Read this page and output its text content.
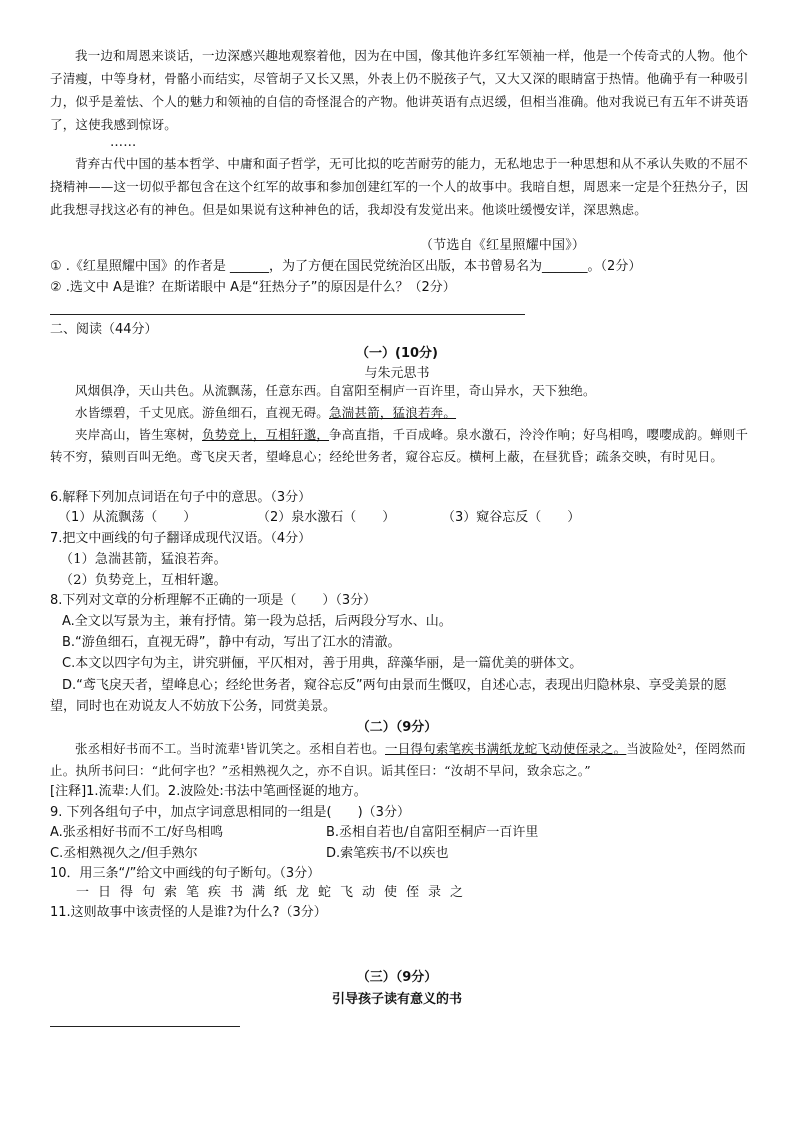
我一边和周恩来谈话，一边深感兴趣地观察着他，因为在中国，像其他许多红军领袖一样，他是一个传奇式的人物。他个子清瘦，中等身材，骨骼小而结实，尽管胡子又长又黑，外表上仍不脱孩子气，又大又深的眼睛富于热情。他确乎有一种吸引力，似乎是羞怯、个人的魅力和领袖的自信的奇怪混合的产物。他讲英语有点迟缓，但相当准确。他对我说已有五年不讲英语了，这使我感到惊讶。
……
背弃古代中国的基本哲学、中庸和面子哲学，无可比拟的吃苦耐劳的能力，无私地忠于一种思想和从不承认失败的不屈不挠精神——这一切似乎都包含在这个红军的故事和参加创建红军的一个人的故事中。我暗自想，周恩来一定是个狂热分子，因此我想寻找这必有的神色。但是如果说有这种神色的话，我却没有发觉出来。他谈吐缓慢安详，深思熟虑。
（节选自《红星照耀中国》）
① .《红星照耀中国》的作者是 ______，为了方便在国民党统治区出版，本书曾易名为_______。（2分）
② .选文中 A是谁？在斯诺眼中 A是“狂热分子”的原因是什么？（2分）
二、阅读（44分）
（一）(10分)
与朱元思书
风烟俱净，天山共色。从流飘荡，任意东西。自富阳至桐庐一百许里，奇山异水，天下独绝。
水皆缥碧，千丈见底。游鱼细石，直视无碍。急湍甚箭，猛浪若奔。
夹岸高山，皆生寒树，负势竞上，互相轩邈，争高直指，千百成峰。泉水激石，泠泠作响；好鸟相鸣，嘤嘤成韵。蝉则千转不穷，猿则百叫无绝。鸢飞戾天者，望峰息心；经纶世务者，窥谷忘反。横柯上蔽，在昼犹昏；疏条交映，有时见日。
6.解释下列加点词语在句子中的意思。（3分）
（1）从流飘荡（　　）	（2）泉水激石（　　）	（3）窥谷忘反（　　）
7.把文中画线的句子翻译成现代汉语。（4分）
（1）急湍甚箭，猛浪若奔。
（2）负势竞上，互相轩邈。
8.下列对文章的分析理解不正确的一项是（　　）（3分）
A.全文以写景为主，兼有抒情。第一段为总括，后两段分写水、山。
B.“游鱼细石，直视无碍”，静中有动，写出了江水的清澈。
C.本文以四字句为主，讲究骈俪，平仄相对，善于用典，辞藻华丽，是一篇优美的骈体文。
D.“鸢飞戾天者，望峰息心；经纶世务者，窥谷忘反”两句由景而生慨叹，自述心志，表现出归隐林泉、享受美景的愿望，同时也在劝说友人不妨放下公务，同赏美景。
（二）（9分）
张丞相好书而不工。当时流辈¹皆讥笑之。丞相自若也。一日得句索笔疾书满纸龙蛇飞动使侄录之。当波险处²，侄罔然而止。执所书问曰：“此何字也？”丞相熟视久之，亦不自识。诟其侄曰：“汝胡不早问，致余忘之。”
[注释]1.流辈:人们。2.波险处:书法中笔画怪诞的地方。
9. 下列各组句子中，加点字词意思相同的一组是(　　)（3分）
A.张丞相好书而不工/好鸟相鸣	B.丞相自若也/自富阳至桐庐一百许里
C.丞相熟视久之/但手熟尔	D.索笔疾书/不以疾也
10．用三条“/”给文中画线的句子断句。（3分）
一日得句索笔疾书满纸龙蛇飞动使侄录之
11.这则故事中该责怪的人是谁?为什么?（3分）
（三）（9分）
引导孩子读有意义的书
